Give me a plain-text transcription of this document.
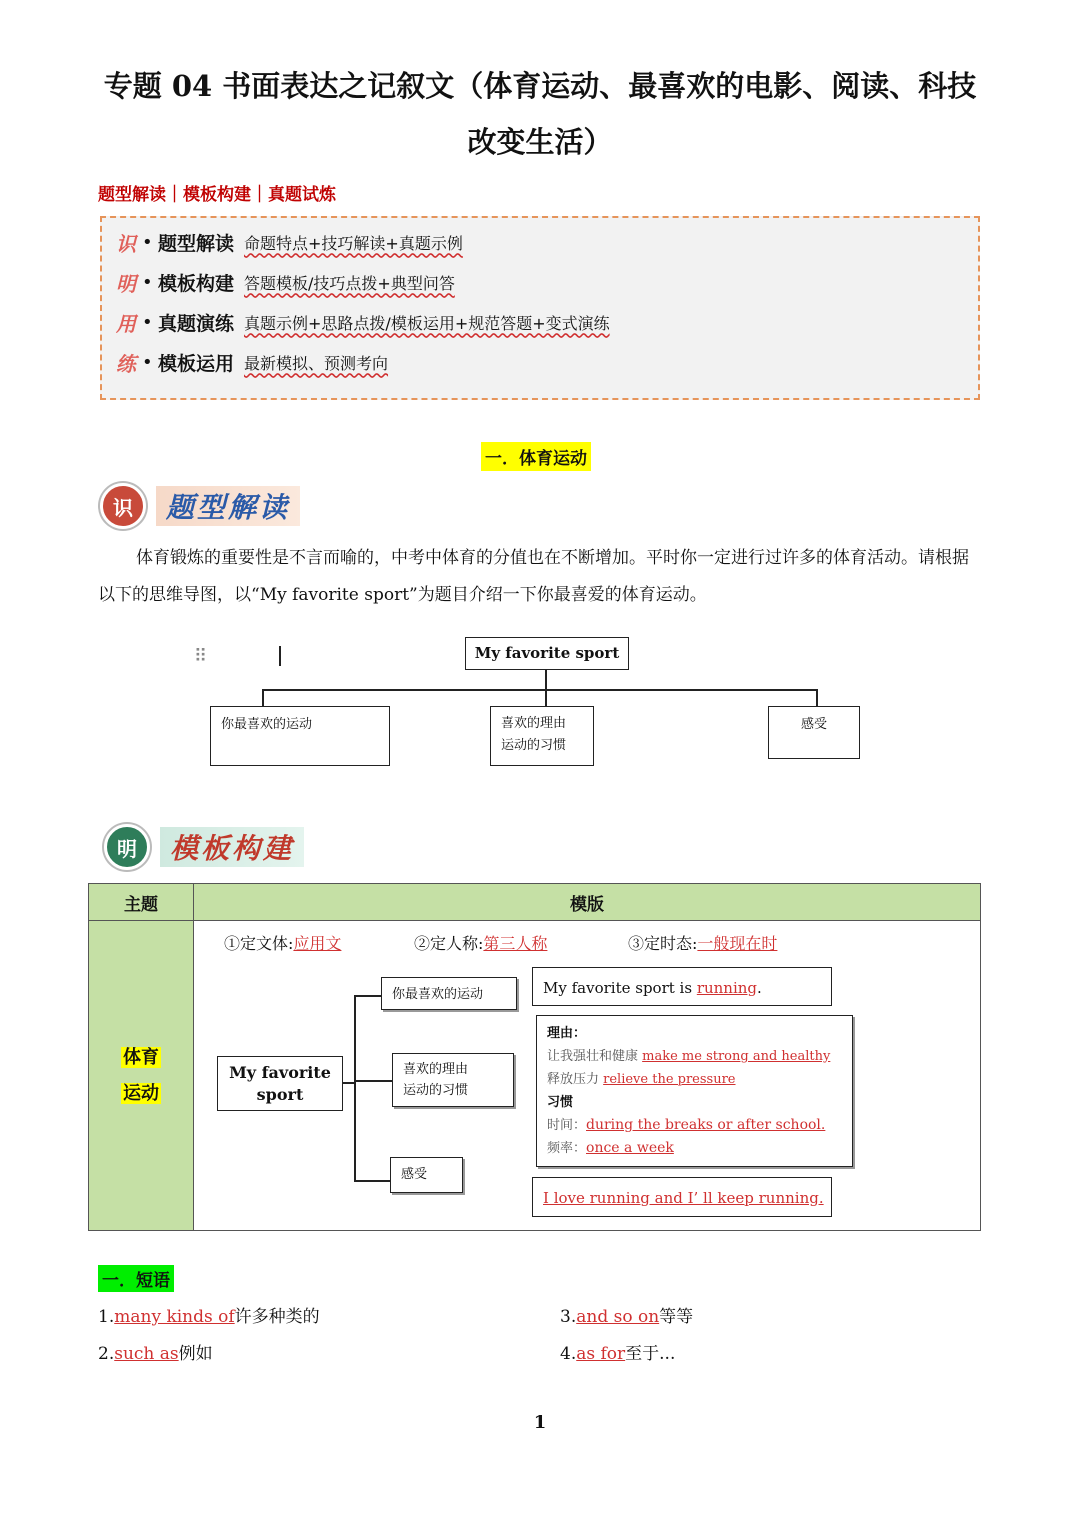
专题 04 书面表达之记叙文（体育运动、最喜欢的电影、阅读、科技
改变生活）
题型解读｜模板构建｜真题试炼
识 • 题型解读 命题特点+技巧解读+真题示例
明 • 模板构建 答题模板/技巧点拨+典型问答
用 • 真题演练 真题示例+思路点拨/模板运用+规范答题+变式演练
练 • 模板运用 最新模拟、预测考向
一．体育运动
识	题型解读
体育锻炼的重要性是不言而喻的，中考中体育的分值也在不断增加。平时你一定进行过许多的体育活动。请根据以下的思维导图，以“My favorite sport”为题目介绍一下你最喜爱的体育运动。
⠿	My favorite sport
你最喜欢的运动	喜欢的理由
运动的习惯
感受
明	模板构建
主题	模版

体育
运动	

①定文体:应用文	②定人称:第三人称	③定时态:一般现在时
My favorite
sport
你最喜欢的运动
喜欢的理由
运动的习惯
感受
My favorite sport is running.
理由：
让我强壮和健康 make me strong and healthy
释放压力 relieve the pressure
习惯
时间：during the breaks or after school.
频率：once a week
I love running and I’ ll keep running.
一．短语
1.many kinds of许多种类的
2.such as例如
3.and so on等等
4.as for至于...
1
